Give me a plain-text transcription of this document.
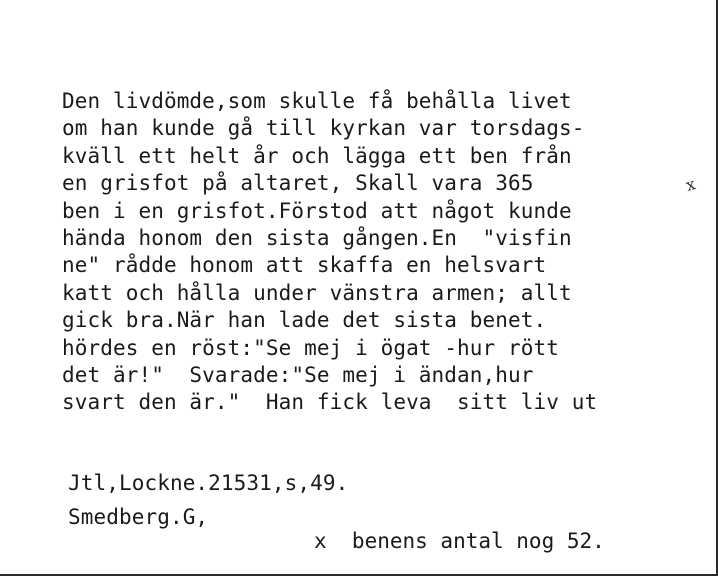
Den livdömde,som skulle få behålla livet
om han kunde gå till kyrkan var torsdags-
kväll ett helt år och lägga ett ben från
en grisfot på altaret, Skall vara 365
ben i en grisfot.Förstod att något kunde
hända honom den sista gången.En  "visfin
ne" rådde honom att skaffa en helsvart
katt och hålla under vänstra armen; allt
gick bra.När han lade det sista benet.
hördes en röst:"Se mej i ögat -hur rött
det är!"  Svarade:"Se mej i ändan,hur
svart den är."  Han fick leva  sitt liv ut
x
Jtl,Lockne.21531,s,49.
Smedberg.G,
x  benens antal nog 52.
